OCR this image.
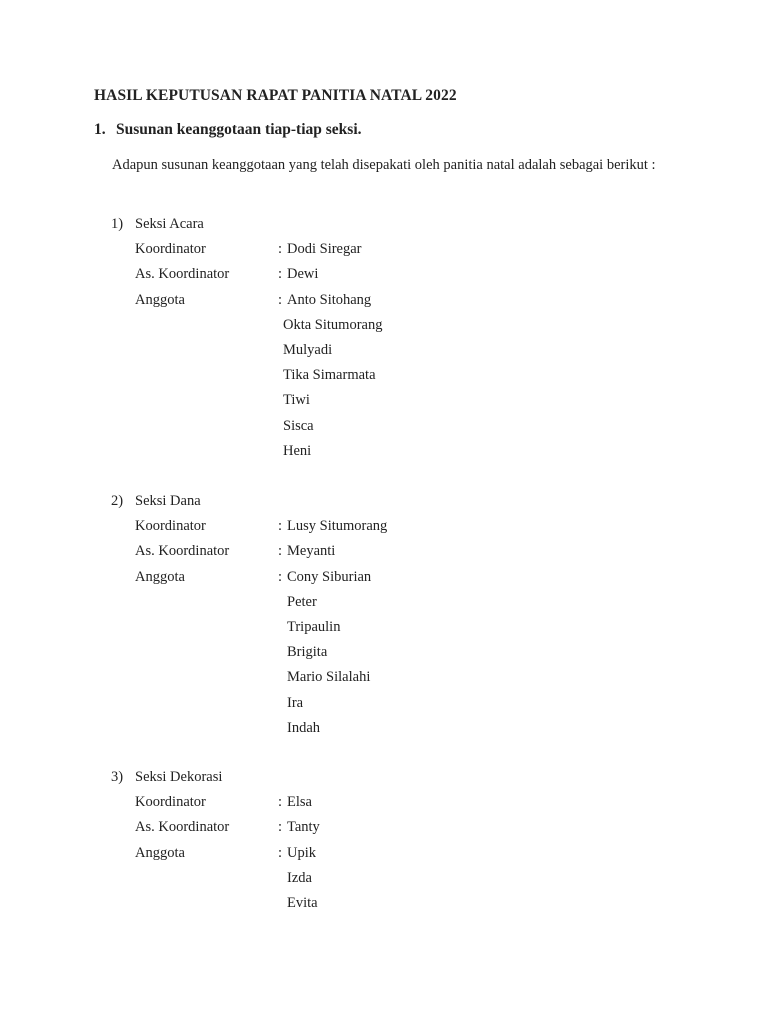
HASIL KEPUTUSAN RAPAT PANITIA NATAL 2022
1. Susunan keanggotaan tiap-tiap seksi.
Adapun susunan keanggotaan yang telah disepakati oleh panitia natal adalah sebagai berikut :
1) Seksi Acara
Koordinator	: Dodi Siregar
As. Koordinator	: Dewi
Anggota	: Anto Sitohang
Okta Situmorang
Mulyadi
Tika Simarmata
Tiwi
Sisca
Heni
2) Seksi Dana
Koordinator	: Lusy Situmorang
As. Koordinator	: Meyanti
Anggota	: Cony Siburian
Peter
Tripaulin
Brigita
Mario Silalahi
Ira
Indah
3) Seksi Dekorasi
Koordinator	: Elsa
As. Koordinator	: Tanty
Anggota	: Upik
Izda
Evita
